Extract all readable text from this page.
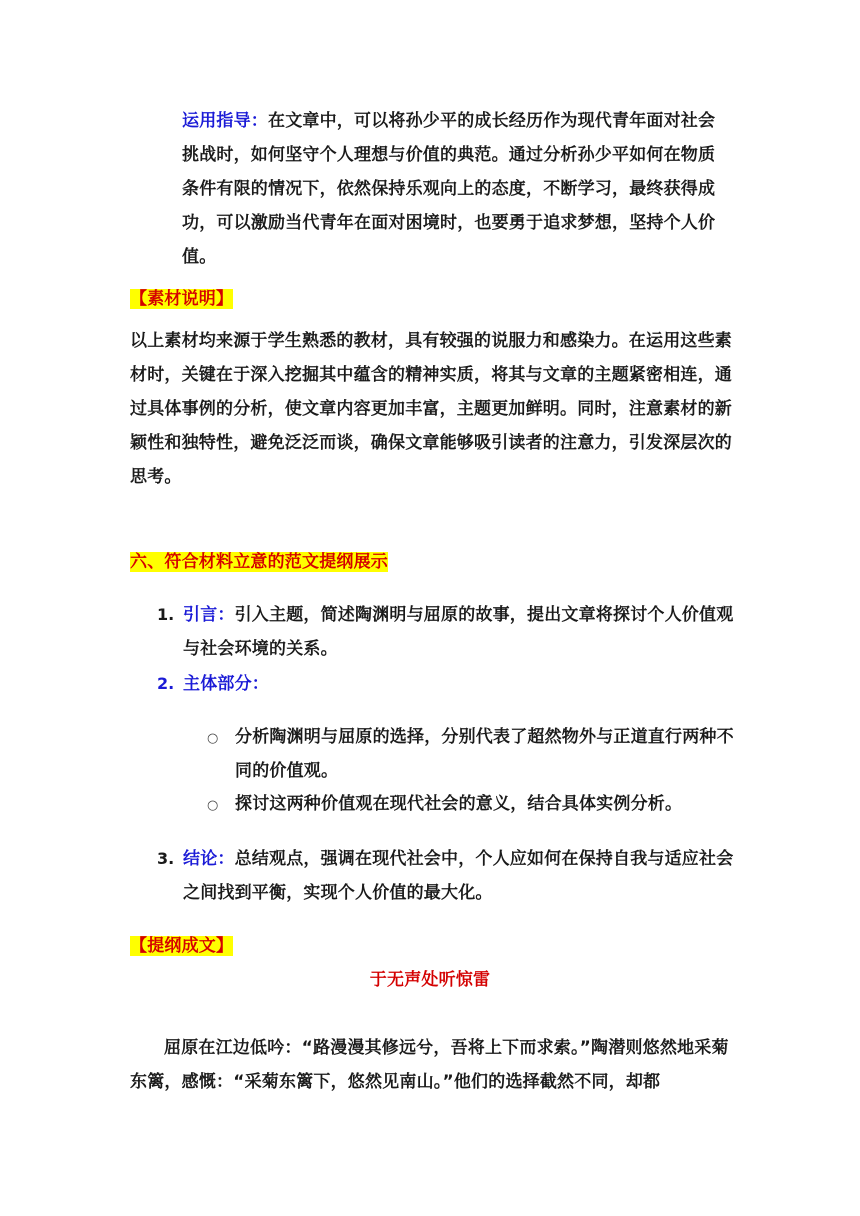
运用指导：在文章中，可以将孙少平的成长经历作为现代青年面对社会挑战时，如何坚守个人理想与价值的典范。通过分析孙少平如何在物质条件有限的情况下，依然保持乐观向上的态度，不断学习，最终获得成功，可以激励当代青年在面对困境时，也要勇于追求梦想，坚持个人价值。
【素材说明】
以上素材均来源于学生熟悉的教材，具有较强的说服力和感染力。在运用这些素材时，关键在于深入挖掘其中蕴含的精神实质，将其与文章的主题紧密相连，通过具体事例的分析，使文章内容更加丰富，主题更加鲜明。同时，注意素材的新颖性和独特性，避免泛泛而谈，确保文章能够吸引读者的注意力，引发深层次的思考。
六、符合材料立意的范文提纲展示
1. 引言：引入主题，简述陶渊明与屈原的故事，提出文章将探讨个人价值观与社会环境的关系。
2. 主体部分：
○ 分析陶渊明与屈原的选择，分别代表了超然物外与正道直行两种不同的价值观。
○ 探讨这两种价值观在现代社会的意义，结合具体实例分析。
3. 结论：总结观点，强调在现代社会中，个人应如何在保持自我与适应社会之间找到平衡，实现个人价值的最大化。
【提纲成文】
于无声处听惊雷
屈原在江边低吟：“路漫漫其修远兮，吾将上下而求索。”陶潜则悠然地采菊东篱，感慨：“采菊东篱下，悠然见南山。”他们的选择截然不同，却都
